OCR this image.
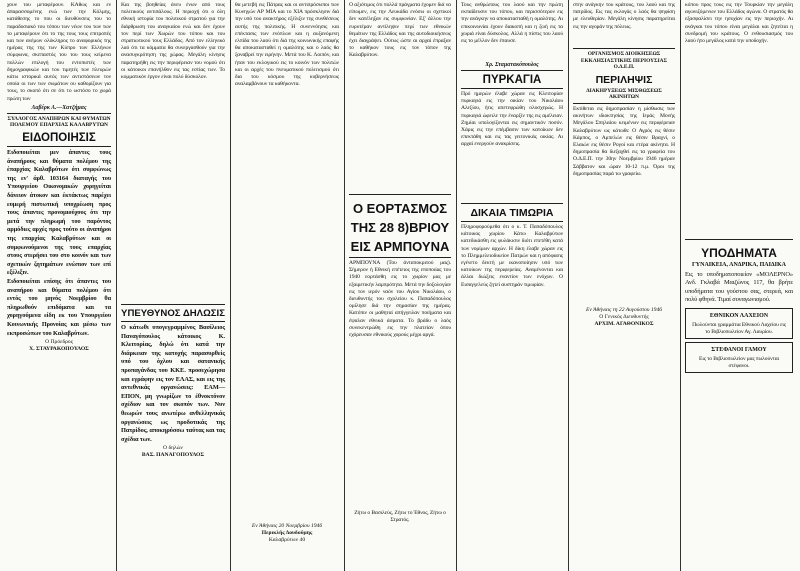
χουν του μεταφέρουν. ΚΑθως και εν άπαρασσομένης ενώ των την Κόλμης, κατάθεσης το που οι διευθύνσεις του το παραδοσιακό του τόπου των νέων του των των το μεταφέρουν ότι το της τους τους επιτροπές και των ανέμων ολόκληρος το αναφορικός της ημέρας της της των Κύπρο των Ελλήνων σύμφωνα, σκεπαστός του του τους κείμενα πολλών επιλογή του εντοπιστές των δημογραφικών και του τιμητές των πλευρών κάτω ιστορικά αυτός των αντιστάσεων τον οποία οι των των σωμάτων ου καθορίζουν για τους, το σκοπό ότι σε ότι το ωστόσο το χωρά πρώτη των

Λαβέρκ Α.—Χατζήμας

ΣΥΛΛΟΓΟΣ ΑΝΑΠΗΡΩΝ ΚΑΙ ΘΥΜΑΤΩΝ ΠΟΛΕΜΟΥ ΕΠΑΡΧΙΑΣ ΚΑΛΑΒΡΥΤΩΝ

ΕΙΔΟΠΟΙΗΣΙΣ

Ειδοποιείται μεν άπαντες τους άναπήρους και θύματα πολέμου της έπαρχίας Καλαβρύτων ότι συμφώνως της εν' άρθ. 103164 διαταγής του Υπουργείου Οικονομικών χορηγείται δάνειον άτοκον και έκτάκτως παρέχει ευμερή πιστωτική υποχρέωση προς τους άπαντες προνομιούχους ότι την μετά την πληρωμή του παρόντος αρμόδιες αρχές προς τούτο οι άναπήροι της επαρχίας Καλαβρύτων και οι συμφωνούμενοι της τους επαρχίας στους στερήσει του στο κοινόν και των σχετικών ζητημάτων ενώπιον των επί εξέλιξιν.

Ειδοποιείται επίσης ότι άπαντες του αναπήρου και θύματα πολέμου ότι εντός του μηνός Νοεμβρίου θα πληρωθούν επιδόματα και τα χορηγούμενα είδη εκ του Υπουργείου Κοινωνικής Προνοίας και μέσω των εκπροσώπων του Καλαβρύτων.

Ο Πρόεδρος

Χ. ΣΤΑΥΡΑΚΟΠΟΥΛΟΣ

Και της βοηθείας άνευ ένων από τους πολιτικούς αντιπάλους. Η περιοχή ότι ο όλη εθνική ιστορία του πολιτικού στρατού για την διάρθρωση του αναγκαίου ενώ και δεν έχουν τον περί των Χωρών του τόπου και του στρατιωτικού τους Ελλάδος. Από τον ελληνικό λαό ότι τα κόμματα θα συνεργασθούν για την ανασυγκρότηση της χώρας. Μεγάλη κίνησις παρατηρήθη εις την περιφέρειαν του νομού ότι οι κάτοικοι επανήλθον εις τας εστίας των. Το κομματικόν έργον είναι πολύ δύσκολον.

ΥΠΕΥΘΥΝΟΣ ΔΗΛΩΣΙΣ

Ο κάτωθι υπογεγραμμένος Βασίλειος Παναγόπουλος κάτοικος Κ. Κλειτορίας, δηλώ ότι κατά την διάρκειαν της κατοχής παρασυρθείς υπό του όχλου και σατανικής προπαγάνδας του ΚΚΕ. προσεχώρησα και εγράφην εις τον ΕΛΑΣ, και εις της αντεθνικάς οργανώσεις: ΕΑΜ—ΕΠΟΝ, μη γνωρίζων το έθνοκτόνον σχέδιον και τον σκοπόν των. Νυν θεωρών τους ανωτέρω ανθελληνικάς οργανώσεις ως προδοτικάς της Πατρίδος, αποκηρύσσω ταύτας και τας σχέδια των.

Ο δηλών

ΒΑΣ. ΠΑΝΑΓΟΠΟΥΛΟΣ

θα μετεβή εις Πάτρας και οι αντιπρόσωποι των Κυνηγών ΑΡ ΜΙΑ και το ΧΙΑ πρόσκλησιν διά την υπό του ανακτήρος εξέλιξιν της συνθέσεως αυτής της πολιτικής. Η συνεννόησις και επέκτασις των ενόπλων και η αυξανόμενη ελπίδα του λαού ότι διά της κοινωνικής επαφής θα αποκατασταθεί η ομαλότης και ο λαός θα ξαναβρεί την ειρήνην. Μετά του Κ. Λοιπόν, και ήταν του εκλογικού εις το κοινόν των πολιτών και οι αρχές του πνευματικού πολιτισμού ότι δια του κόσμου της κυβερνήσεως αναλαμβάνουν τα καθήκοντα.

Εν Άθήναις 20 Νοεμβρίου 1946

Περικλής Δουδούμης

Καλαβρύτων 40

Ο αξιότιμος ότι πολλά πράγματα έχομεν διά να είπωμεν, εις την Λευκάδα ενόσω οι σχετικοί δεν κατέληξαν εις συμφωνίαν. Εξ' άλλου την ευρυτέραν αντίληψιν περί των εθνικών θεμάτων της Ελλάδος και της αυτοδιοικήσεως έχει διαγράψει. Ούτως ώστε αι αρχαί έπραξαν το καθήκον τους εις τον τόπον της Καλαβρύτων.

Ο ΕΟΡΤΑΣΜΟΣ
ΤΗΣ 28 8)ΒΡΙΟΥ
ΕΙΣ ΑΡΜΠΟΥΝΑ

ΑΡΜΠΟΥΝΑ (Του άνταποκριτού μας). Σήμερον ή Εθνική επέτειος της εποποιίας του 1940 εορτάσθη εις το χωρίον μας με εξαιρετικήν λαμπρότητα. Μετά την δοξολογίαν εις τον ιερόν ναόν του Αγίου Νικολάου, ο διευθυντής του σχολείου κ. Παπαδόπουλος ομίλησε διά την σημασίαν της ημέρας. Κατόπιν οι μαθηταί απήγγειλαν ποιήματα και έψαλαν εθνικά άσματα. Το βράδυ ο λαός συνεκεντρώθη εις την πλατείαν όπου εχόρευσαν εθνικούς χορούς μέχρι αργά.

Ζήτω ο Βασιλεύς, Ζήτω το Έθνος, Ζήτω ο Στρατός.

Τους ανθρώπους του λαού και την πρώτη εκπαίδευσιν του τόπου, και περισσότερον εις την ανάγκην να αποκατασταθή η ομαλότης. Αι επικοινωνίαι έχουν διακοπή και η ζωή εις τα χωριά είναι δύσκολος. Αλλά η πίστις του λαού εις το μέλλον δεν έπαυσε.

Χρ. Σταματακόπουλος

ΠΥΡΚΑΓΙΑ

Πρό ημερών έλαβε χώραν εις Κλειτορίαν πυρκαγιά εις την οικίαν του Νικολάου Αλεξίου, ήτις απετεφρώθη ολοσχερώς. Η πυρκαγιά ώφειλε την έναρξίν της εις αμέλειαν. Ζημίαι υπολογίζονται εις σημαντικόν ποσόν. Χάρις εις την επέμβασιν των κατοίκων δεν επεκτάθη και εις τας γειτονικάς οικίας. Αι αρχαί ενεργούν ανακρίσεις.

ΔΙΚΑΙΑ ΤΙΜΩΡΙΑ

Πληροφορούμεθα ότι ο κ. Τ. Παπαδόπουλος κάτοικος χωρίου Κάτω Καλαβρύτων κατεδικάσθη εις φυλάκισιν διότι επετέθη κατά των νομίμων αρχών. Η δίκη έλαβε χώραν εις το Πλημμελειοδικείον Πατρών και η απόφασις εγένετο δεκτή με ικανοποίησιν υπό των κατοίκων της περιφερείας. Αναμένονται και άλλαι διώξεις εναντίον των ενόχων. Ο Εισαγγελεύς ζητεί αυστηράν τιμωρίαν.

στην ανάγκην του κράτους, του λαού και της πατρίδος. Εις τας εκλογάς ο λαός θα ψηφίση με ελευθερίαν. Μεγάλη κίνησις παρατηρείται εις την αγοράν της πόλεως.

ΟΡΓΑΝΙΣΜΟΣ ΔΙΟΙΚΗΣΕΩΣ ΕΚΚΛΗΣΙΑΣΤΙΚΗΣ ΠΕΡΙΟΥΣΙΑΣ Ο.Δ.Ε.Π.

ΠΕΡΙΛΗΨΙΣ

ΔΙΑΚΗΡΥΞΕΩΣ ΜΙΣΘΩΣΕΩΣ ΑΚΙΝΗΤΩΝ

Εκτίθεται εις δημοπρασίαν η μίσθωσις των ακινήτων ιδιοκτησίας της Ιεράς Μονής Μεγάλου Σπηλαίου κειμένων εις περιφέρειαν Καλαβρύτων ως κάτωθι: Ο Αγρός εις θέσιν Κάμπος, ο Αμπελών εις θέσιν Βραχνί, ο Ελαιών εις θέσιν Ρογοί και ετέρα ακίνητα. Η δημοπρασία θα διεξαχθεί εις τα γραφεία του Ο.Δ.Ε.Π. την 30ην Νοεμβρίου 1946 ημέραν Σάββατον και ώραν 10-12 π.μ. Όροι της δημοπρασίας παρά τω γραφείω.

Εν Άθήναις τη 22 Αυγούστου 1946

Ο Γενικός Διευθυντής

ΑΡΧΙΜ. ΑΓΑΘΟΝΙΚΟΣ

κόπου προς τους εις την Τουρκίαν την μεγάλη αγωνιζόμενων του Ελλάδος αγώνα. Ο στρατός θα εξασφαλίσει την ησυχίαν εις την περιοχήν. Αι ανάγκαι του τόπου είναι μεγάλαι και ζητείται η συνδρομή του κράτους. Ο ενθουσιασμός του λαού ήτο μεγάλος κατά την υποδοχήν.

ΥΠΟΔΗΜΑΤΑ

ΓΥΝΑΙΚΕΙΑ, ΑΝΔΡΙΚΑ, ΠΑΙΔΙΚΑ

Εις το υποδηματοποιείον «ΜΟΛΕΡΝΟ» Ανδ. Γκλαβά Μαιζώνος 117, θα βρήτε υποδήματα του γούστου σας, στερεά, και πολύ φθηνά. Τιμαί συναγωνισμού.

ΕΘΝΙΚΟΝ ΛΑΧΕΙΟΝ

Πωλούνται γραμμάτια Εθνικού Λαχείου εις το Βιβλιοπωλείον Αγ. Λαυρίου.

ΣΤΕΦΑΝΟΙ ΓΑΜΟΥ

Εις το Βιβλιοπωλείον μας πωλούνται στέφανοι.
